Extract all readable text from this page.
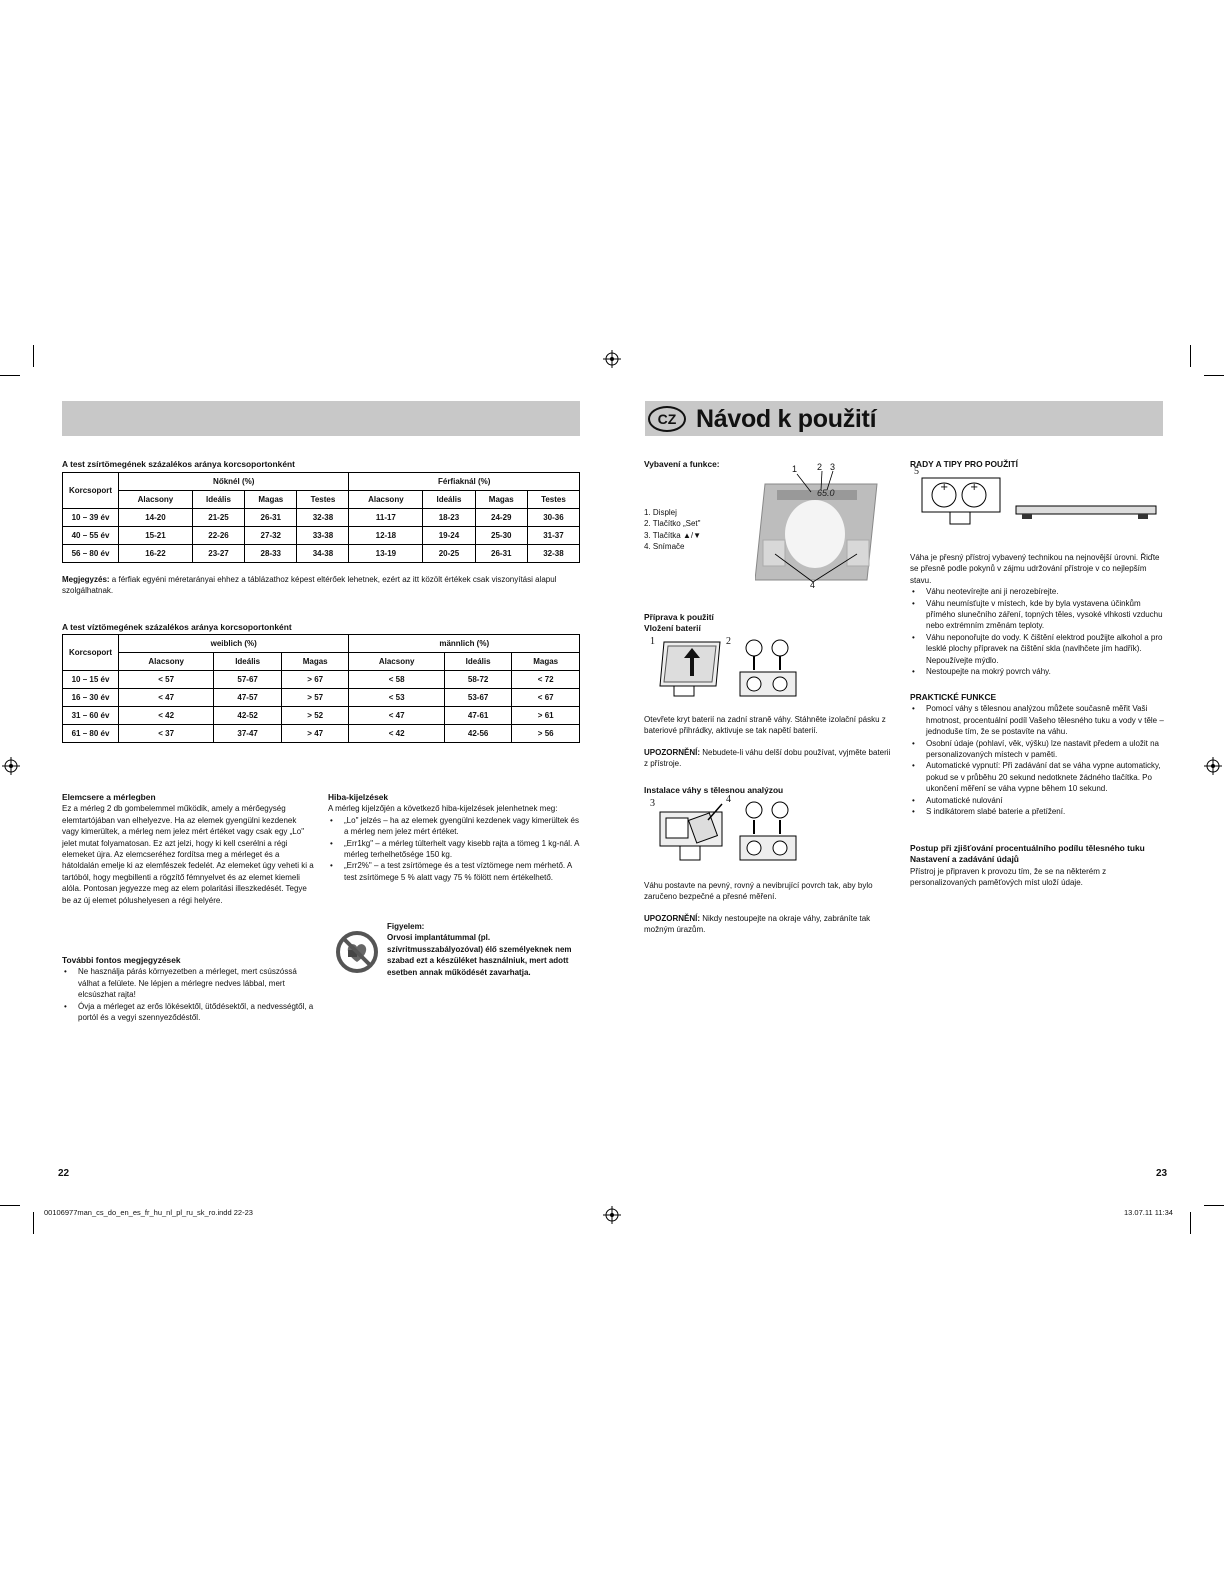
CZ Návod k použití
A test zsírtömegének százalékos aránya korcsoportonként
Korcsoport	Nőknél (%)				Férfiaknál (%)			
	Alacsony	Ideális	Magas	Testes	Alacsony	Ideális	Magas	Testes
10 – 39 év	14-20	21-25	26-31	32-38	11-17	18-23	24-29	30-36
40 – 55 év	15-21	22-26	27-32	33-38	12-18	19-24	25-30	31-37
56 – 80 év	16-22	23-27	28-33	34-38	13-19	20-25	26-31	32-38
Megjegyzés: a férfiak egyéni méretarányai ehhez a táblázathoz képest eltérőek lehetnek, ezért az itt közölt értékek csak viszonyítási alapul szolgálhatnak.
A test víztömegének százalékos aránya korcsoportonként
Korcsoport	weiblich (%)			männlich (%)		
	Alacsony	Ideális	Magas	Alacsony	Ideális	Magas
10 – 15 év	< 57	57-67	> 67	< 58	58-72	< 72
16 – 30 év	< 47	47-57	> 57	< 53	53-67	< 67
31 – 60 év	< 42	42-52	> 52	< 47	47-61	> 61
61 – 80 év	< 37	37-47	> 47	< 42	42-56	> 56
Elemcsere a mérlegben

Ez a mérleg 2 db gombelemmel működik, amely a mérőegység elemtartójában van elhelyezve. Ha az elemek gyengülni kezdenek vagy kimerültek, a mérleg nem jelez mért értéket vagy csak egy „Lo" jelet mutat folyamatosan. Ez azt jelzi, hogy ki kell cserélni a régi elemeket újra. Az elemcseréhez fordítsa meg a mérleget és a hátoldalán emelje ki az elemfészek fedelét. Az elemeket úgy veheti ki a tartóból, hogy megbillenti a rögzítő fémnyelvet és az elemet kiemeli alóla. Pontosan jegyezze meg az elem polaritási illeszkedését. Tegye be az új elemet pólushelyesen a régi helyére.

További fontos megjegyzések
• Ne használja párás környezetben a mérleget, mert csúszóssá válhat a felülete. Ne lépjen a mérlegre nedves lábbal, mert elcsúszhat rajta!
• Óvja a mérleget az erős lökésektől, ütődésektől, a nedvességtől, a portól és a vegyi szennyeződéstől.
Hiba-kijelzések

A mérleg kijelzőjén a következő hiba-kijelzések jelenhetnek meg:

• „Lo" jelzés – ha az elemek gyengülni kezdenek vagy kimerültek és a mérleg nem jelez mért értéket.
• „Err1kg" – a mérleg túlterhelt vagy kisebb rajta a tömeg 1 kg-nál. A mérleg terhelhetősége 150 kg.
• „Err2%" – a test zsírtömege és a test víztömege nem mérhető. A test zsírtömege 5 % alatt vagy 75 % fölött nem értékelhető.

Figyelem:

Orvosi implantátummal (pl. szívritmusszabályozóval) élő személyeknek nem szabad ezt a készüléket használniuk, mert adott esetben annak működését zavarhatja.

22
Vybavení a funkce:

1. Displej

2. Tlačítko „Set"

3. Tlačítka ▲/▼

4. Snímače

65.0
1 2 3
4
Příprava k použití
Vložení baterií
1	2

Otevřete kryt baterií na zadní straně váhy. Stáhněte izolační pásku z bateriové přihrádky, aktivuje se tak napětí baterií.

UPOZORNĚNÍ: Nebudete-li váhu delší dobu používat, vyjměte baterii z přístroje.

Instalace váhy s tělesnou analýzou
3	4

Váhu postavte na pevný, rovný a nevibrující povrch tak, aby bylo zaručeno bezpečné a přesné měření.

UPOZORNĚNÍ: Nikdy nestoupejte na okraje váhy, zabráníte tak možným úrazům.

RADY A TIPY PRO POUŽITÍ
+ +
5

Váha je přesný přístroj vybavený technikou na nejnovější úrovni. Řiďte se přesně podle pokynů v zájmu udržování přístroje v co nejlepším stavu.

• Váhu neotevírejte ani ji nerozebírejte.
• Váhu neumísťujte v místech, kde by byla vystavena účinkům přímého slunečního záření, topných těles, vysoké vlhkosti vzduchu nebo extrémním změnám teploty.
• Váhu neponořujte do vody. K čištění elektrod použijte alkohol a pro lesklé plochy přípravek na čištění skla (navlhčete jím hadřík). Nepoužívejte mýdlo.
• Nestoupejte na mokrý povrch váhy.
PRAKTICKÉ FUNKCE
• Pomocí váhy s tělesnou analýzou můžete současně měřit Vaši hmotnost, procentuální podíl Vašeho tělesného tuku a vody v těle – jednoduše tím, že se postavíte na váhu.
• Osobní údaje (pohlaví, věk, výšku) lze nastavit předem a uložit na personalizovaných místech v paměti.
• Automatické vypnutí: Při zadávání dat se váha vypne automaticky, pokud se v průběhu 20 sekund nedotknete žádného tlačítka. Po ukončení měření se váha vypne během 10 sekund.
• Automatické nulování
• S indikátorem slabé baterie a přetížení.
Postup při zjišťování procentuálního podílu tělesného tuku
Nastavení a zadávání údajů

Přístroj je připraven k provozu tím, že se na některém z personalizovaných paměťových míst uloží údaje.

23
00106977man_cs_do_en_es_fr_hu_nl_pl_ru_sk_ro.indd 22-23	13.07.11 11:34
